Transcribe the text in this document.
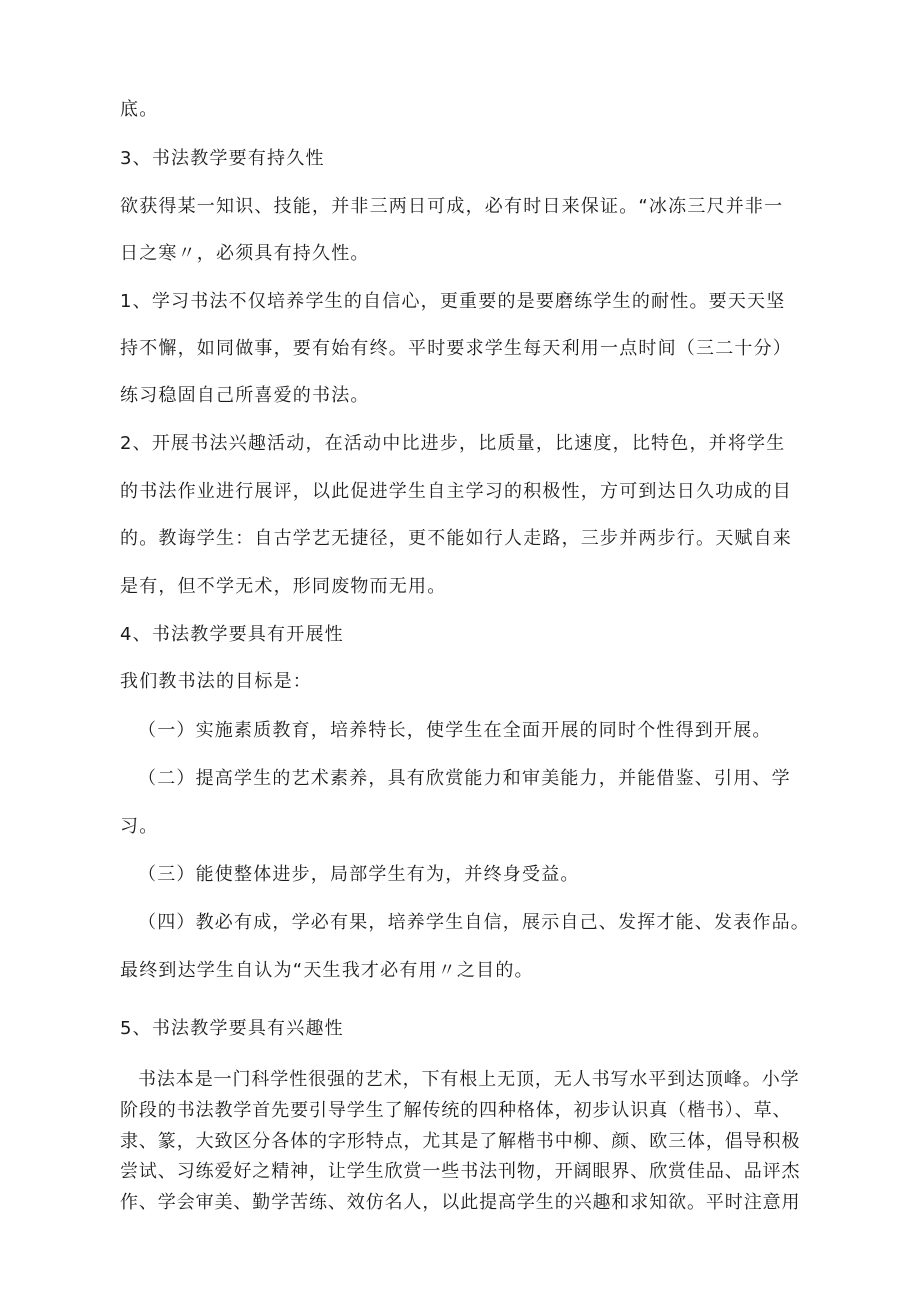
底。
3、书法教学要有持久性
欲获得某一知识、技能，并非三两日可成，必有时日来保证。“冰冻三尺并非一
日之寒〃，必须具有持久性。
1、学习书法不仅培养学生的自信心，更重要的是要磨练学生的耐性。要天天坚
持不懈，如同做事，要有始有终。平时要求学生每天利用一点时间（三二十分）
练习稳固自己所喜爱的书法。
2、开展书法兴趣活动，在活动中比进步，比质量，比速度，比特色，并将学生
的书法作业进行展评，以此促进学生自主学习的积极性，方可到达日久功成的目
的。教诲学生：自古学艺无捷径，更不能如行人走路，三步并两步行。天赋自来
是有，但不学无术，形同废物而无用。
4、书法教学要具有开展性
我们教书法的目标是：
（一）实施素质教育，培养特长，使学生在全面开展的同时个性得到开展。
（二）提高学生的艺术素养，具有欣赏能力和审美能力，并能借鉴、引用、学
习。
（三）能使整体进步，局部学生有为，并终身受益。
（四）教必有成，学必有果，培养学生自信，展示自己、发挥才能、发表作品。
最终到达学生自认为“天生我才必有用〃之目的。
5、书法教学要具有兴趣性
书法本是一门科学性很强的艺术，下有根上无顶，无人书写水平到达顶峰。小学
阶段的书法教学首先要引导学生了解传统的四种格体，初步认识真（楷书）、草、
隶、篆，大致区分各体的字形特点，尤其是了解楷书中柳、颜、欧三体，倡导积极
尝试、习练爱好之精神，让学生欣赏一些书法刊物，开阔眼界、欣赏佳品、品评杰
作、学会审美、勤学苦练、效仿名人，以此提高学生的兴趣和求知欲。平时注意用
